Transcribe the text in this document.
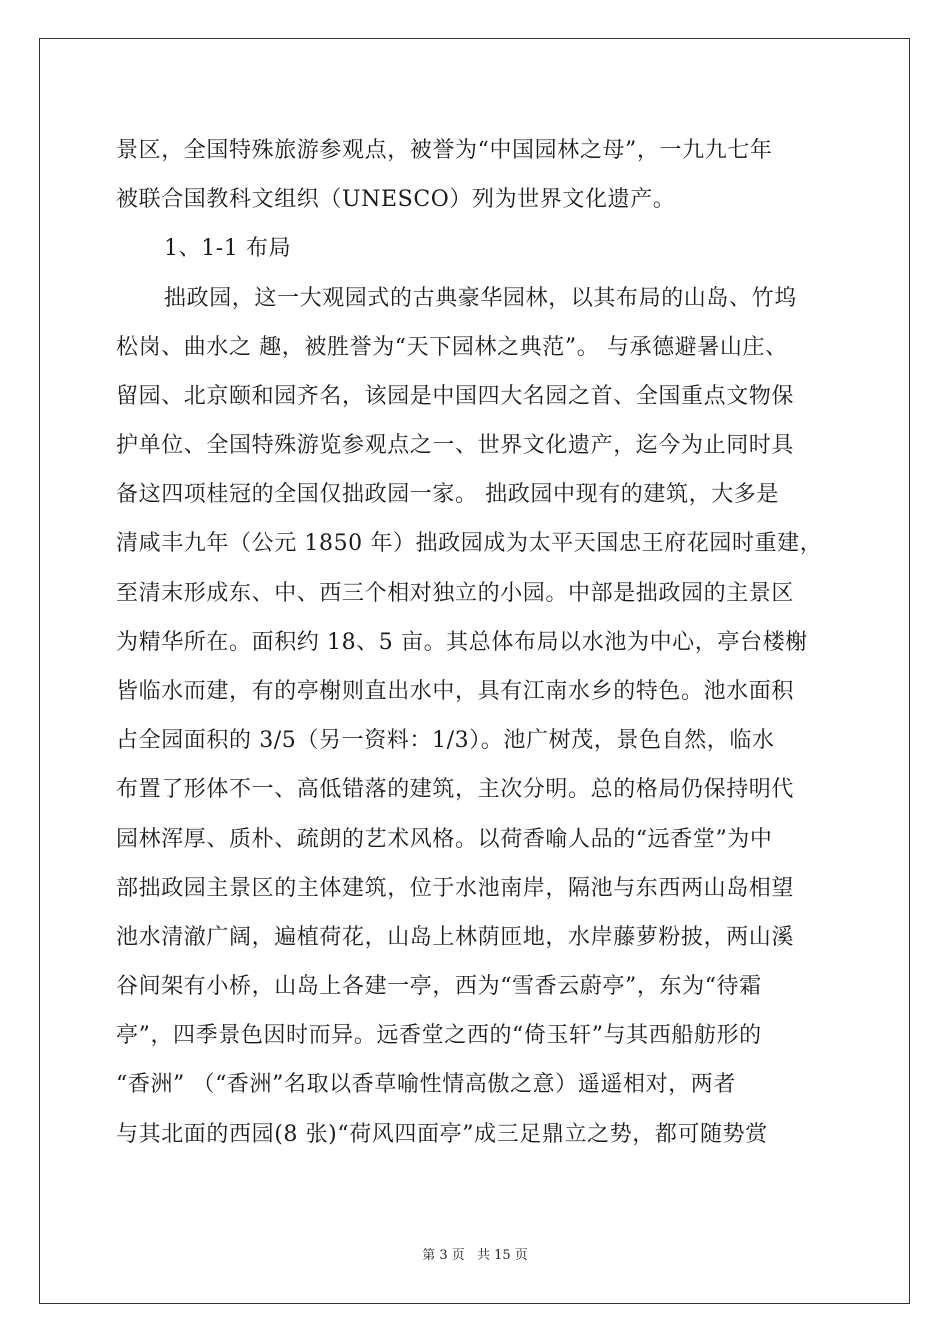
景区，全国特殊旅游参观点，被誉为“中国园林之母”，一九九七年
被联合国教科文组织（UNESCO）列为世界文化遗产。
1、1-1 布局
拙政园，这一大观园式的古典豪华园林，以其布局的山岛、竹坞
松岗、曲水之 趣，被胜誉为“天下园林之典范”。 与承德避暑山庄、
留园、北京颐和园齐名，该园是中国四大名园之首、全国重点文物保
护单位、全国特殊游览参观点之一、世界文化遗产，迄今为止同时具
备这四项桂冠的全国仅拙政园一家。 拙政园中现有的建筑，大多是
清咸丰九年（公元 1850 年）拙政园成为太平天国忠王府花园时重建，
至清末形成东、中、西三个相对独立的小园。中部是拙政园的主景区
为精华所在。面积约 18、5 亩。其总体布局以水池为中心，亭台楼榭
皆临水而建，有的亭榭则直出水中，具有江南水乡的特色。池水面积
占全园面积的 3/5（另一资料：1/3）。池广树茂，景色自然，临水
布置了形体不一、高低错落的建筑，主次分明。总的格局仍保持明代
园林浑厚、质朴、疏朗的艺术风格。以荷香喻人品的“远香堂”为中
部拙政园主景区的主体建筑，位于水池南岸，隔池与东西两山岛相望
池水清澈广阔，遍植荷花，山岛上林荫匝地，水岸藤萝粉披，两山溪
谷间架有小桥，山岛上各建一亭，西为“雪香云蔚亭”，东为“待霜
亭”，四季景色因时而异。远香堂之西的“倚玉轩”与其西船舫形的
“香洲” （“香洲”名取以香草喻性情高傲之意）遥遥相对，两者
与其北面的西园(8 张)“荷风四面亭”成三足鼎立之势，都可随势赏
第 3 页 共 15 页
